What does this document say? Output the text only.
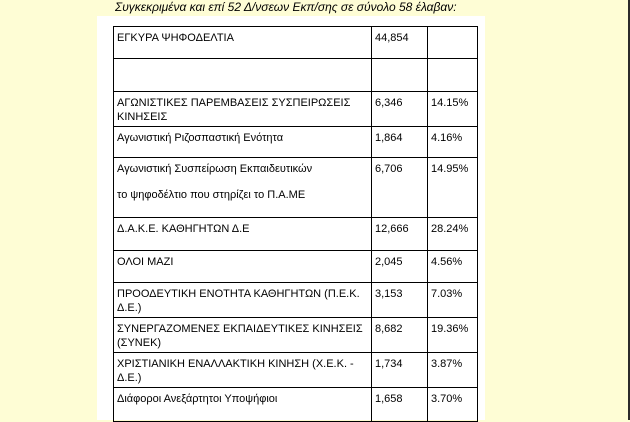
Συγκεκριμένα και επί 52 Δ/νσεων Εκπ/σης σε σύνολο 58 έλαβαν:
ΕΓΚΥΡΑ ΨΗΦΟΔΕΛΤΙΑ	44,854	

ΑΓΩΝΙΣΤΙΚΕΣ ΠΑΡΕΜΒΑΣΕΙΣ ΣΥΣΠΕΙΡΩΣΕΙΣ ΚΙΝΗΣΕΙΣ	6,346	14.15%
Αγωνιστική Ριζοσπαστική Ενότητα	1,864	4.16%
Αγωνιστική Συσπείρωση Εκπαιδευτικών
το ψηφοδέλτιο που στηρίζει το Π.Α.ΜΕ	6,706	14.95%
Δ.Α.Κ.Ε. ΚΑΘΗΓΗΤΩΝ Δ.Ε	12,666	28.24%
ΟΛΟΙ ΜΑΖΙ	2,045	4.56%
ΠΡΟΟΔΕΥΤΙΚΗ ΕΝΟΤΗΤΑ ΚΑΘΗΓΗΤΩΝ (Π.Ε.Κ. Δ.Ε.)	3,153	7.03%
ΣΥΝΕΡΓΑΖΟΜΕΝΕΣ ΕΚΠΑΙΔΕΥΤΙΚΕΣ ΚΙΝΗΣΕΙΣ (ΣΥΝΕΚ)	8,682	19.36%
ΧΡΙΣΤΙΑΝΙΚΗ ΕΝΑΛΛΑΚΤΙΚΗ ΚΙΝΗΣΗ (Χ.Ε.Κ. - Δ.Ε.)	1,734	3.87%
Διάφοροι Ανεξάρτητοι Υποψήφιοι	1,658	3.70%
